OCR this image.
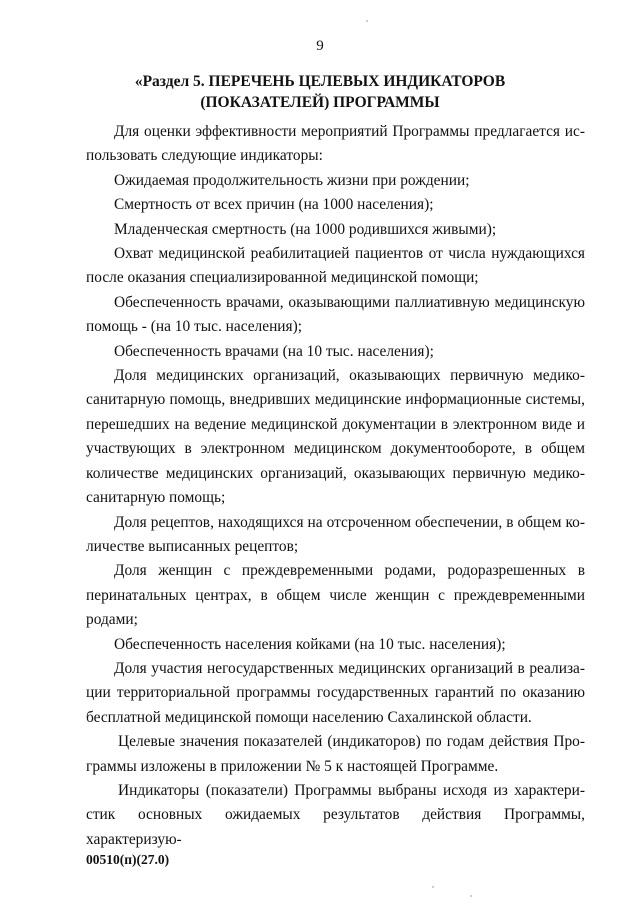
9
«Раздел 5. ПЕРЕЧЕНЬ ЦЕЛЕВЫХ ИНДИКАТОРОВ
(ПОКАЗАТЕЛЕЙ) ПРОГРАММЫ

Для оценки эффективности мероприятий Программы предлагается использовать следующие индикаторы:

Ожидаемая продолжительность жизни при рождении;

Смертность от всех причин (на 1000 населения);

Младенческая смертность (на 1000 родившихся живыми);

Охват медицинской реабилитацией пациентов от числа нуждающихся после оказания специализированной медицинской помощи;

Обеспеченность врачами, оказывающими паллиативную медицинскую помощь - (на 10 тыс. населения);

Обеспеченность врачами (на 10 тыс. населения);

Доля медицинских организаций, оказывающих первичную медикосанитарную помощь, внедривших медицинские информационные системы, перешедших на ведение медицинской документации в электронном виде и участвующих в электронном медицинском документообороте, в общем количестве медицинских организаций, оказывающих первичную медикосанитарную помощь;

Доля рецептов, находящихся на отсроченном обеспечении, в общем количестве выписанных рецептов;

Доля женщин с преждевременными родами, родоразрешенных в перинатальных центрах, в общем числе женщин с преждевременными родами;

Обеспеченность населения койками (на 10 тыс. населения);

Доля участия негосударственных медицинских организаций в реализации территориальной программы государственных гарантий по оказанию бесплатной медицинской помощи населению Сахалинской области.

Целевые значения показателей (индикаторов) по годам действия Программы изложены в приложении № 5 к настоящей Программе.

Индикаторы (показатели) Программы выбраны исходя из характеристик основных ожидаемых результатов действия Программы, характеризую-

00510(п)(27.0)
